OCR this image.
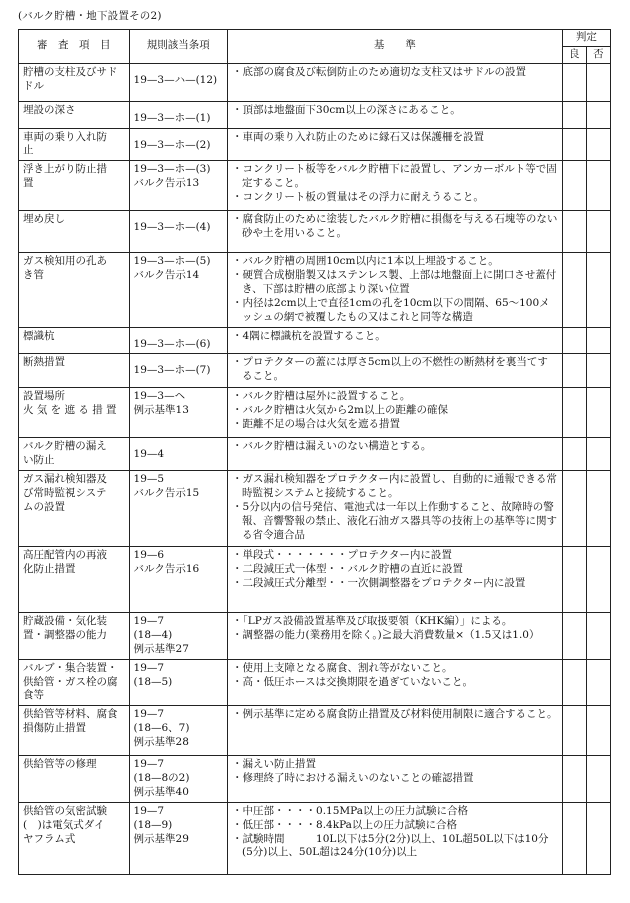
(バルク貯槽・地下設置その2)
審　査　項　目	規則該当条項	基　　準	判定	
			良	否

貯槽の支柱及びサド
ドル	19—3—ハ—(12)	・底部の腐食及び転倒防止のため適切な支柱又はサドルの設置		

埋設の深さ	19—3—ホ—(1)	・頂部は地盤面下30cm以上の深さにあること。		

車両の乗り入れ防
止	19—3—ホ—(2)	・車両の乗り入れ防止のために縁石又は保護柵を設置		

浮き上がり防止措
置	19—3—ホ—(3)
バルク告示13	・コンクリート板等をバルク貯槽下に設置し、アンカーボルト等で固定すること。
・コンクリート板の質量はその浮力に耐えうること。		

埋め戻し	19—3—ホ—(4)	・腐食防止のために塗装したバルク貯槽に損傷を与える石塊等のない砂や土を用いること。		

ガス検知用の孔あ
き管	19—3—ホ—(5)
バルク告示14	・バルク貯槽の周囲10cm以内に1本以上埋設すること。
・硬質合成樹脂製又はステンレス製、上部は地盤面上に開口させ蓋付き、下部は貯槽の底部より深い位置
・内径は2cm以上で直径1cmの孔を10cm以下の間隔、65～100メッシュの網で被覆したもの又はこれと同等な構造		

標識杭	19—3—ホ—(6)	・4隅に標識杭を設置すること。		

断熱措置	19—3—ホ—(7)	・プロテクターの蓋には厚さ5cm以上の不燃性の断熱材を裏当てすること。		

設置場所
火 気 を 遮 る 措 置	19—3—ヘ
例示基準13	・バルク貯槽は屋外に設置すること。
・バルク貯槽は火気から2m以上の距離の確保
・距離不足の場合は火気を遮る措置		

バルク貯槽の漏え
い防止	19—4	・バルク貯槽は漏えいのない構造とする。		

ガス漏れ検知器及
び常時監視システ
ムの設置	19—5
バルク告示15	・ガス漏れ検知器をプロテクター内に設置し、自動的に通報できる常時監視システムと接続すること。
・5分以内の信号発信、電池式は一年以上作動すること、故障時の警報、音響警報の禁止、液化石油ガス器具等の技術上の基準等に関する省令適合品		

高圧配管内の再液
化防止措置	19—6
バルク告示16	・単段式・・・・・・・プロテクター内に設置
・二段減圧式一体型・・バルク貯槽の直近に設置
・二段減圧式分離型・・一次側調整器をプロテクター内に設置		

貯蔵設備・気化装
置・調整器の能力	19—7
(18—4)
例示基準27	・「LPガス設備設置基準及び取扱要領（KHK編）」による。
・調整器の能力(業務用を除く。)≧最大消費数量×（1.5又は1.0）		

バルブ・集合装置・
供給管・ガス栓の腐
食等	19—7
(18—5)	・使用上支障となる腐食、割れ等がないこと。
・高・低圧ホースは交換期限を過ぎていないこと。		

供給管等材料、腐食
損傷防止措置	19—7
(18—6、7)
例示基準28	・例示基準に定める腐食防止措置及び材料使用制限に適合すること。		

供給管等の修理	19—7
(18—8の2)
例示基準40	・漏えい防止措置
・修理終了時における漏えいのないことの確認措置		

供給管の気密試験
(　)は電気式ダイ
ヤフラム式	19—7
(18—9)
例示基準29	・中圧部・・・・0.15MPa以上の圧力試験に合格
・低圧部・・・・8.4kPa以上の圧力試験に合格
・試験時間　　　10L以下は5分(2分)以上、10L超50L以下は10分(5分)以上、50L超は24分(10分)以上		
